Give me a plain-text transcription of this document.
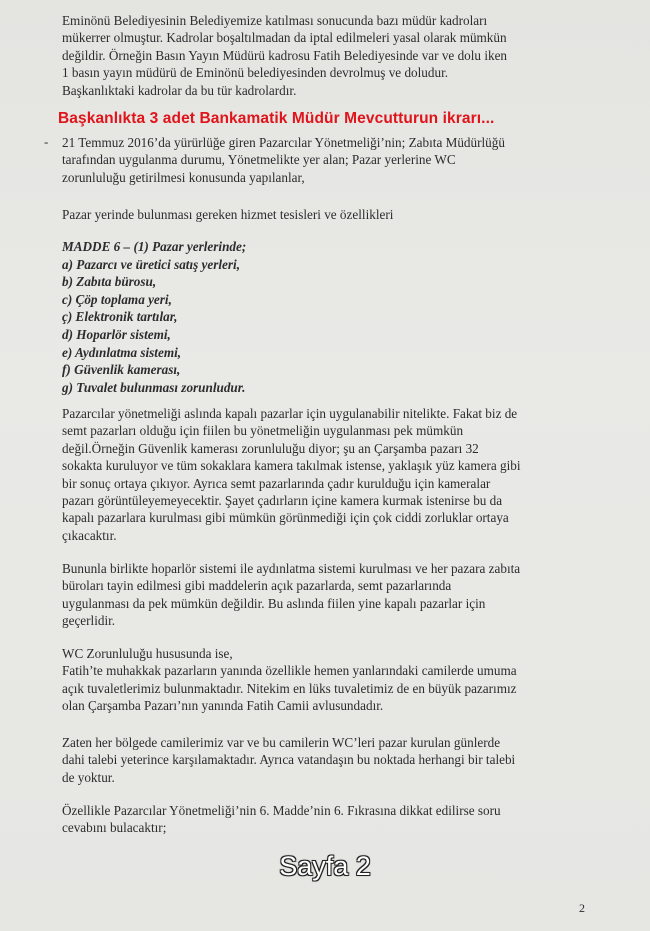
Eminönü Belediyesinin Belediyemize katılması sonucunda bazı müdür kadroları
mükerrer olmuştur. Kadrolar boşaltılmadan da iptal edilmeleri yasal olarak mümkün
değildir. Örneğin Basın Yayın Müdürü kadrosu Fatih Belediyesinde var ve dolu iken
1 basın yayın müdürü de Eminönü belediyesinden devrolmuş ve doludur.
Başkanlıktaki kadrolar da bu tür kadrolardır.
Başkanlıkta 3 adet Bankamatik Müdür Mevcutturun ikrarı...
- 21 Temmuz 2016’da yürürlüğe giren Pazarcılar Yönetmeliği’nin; Zabıta Müdürlüğü
tarafından uygulanma durumu, Yönetmelikte yer alan; Pazar yerlerine WC
zorunluluğu getirilmesi konusunda yapılanlar,
Pazar yerinde bulunması gereken hizmet tesisleri ve özellikleri
MADDE 6 – (1) Pazar yerlerinde;
a) Pazarcı ve üretici satış yerleri,
b) Zabıta bürosu,
c) Çöp toplama yeri,
ç) Elektronik tartılar,
d) Hoparlör sistemi,
e) Aydınlatma sistemi,
f) Güvenlik kamerası,
g) Tuvalet bulunması zorunludur.
Pazarcılar yönetmeliği aslında kapalı pazarlar için uygulanabilir nitelikte. Fakat biz de
semt pazarları olduğu için fiilen bu yönetmeliğin uygulanması pek mümkün
değil.Örneğin Güvenlik kamerası zorunluluğu diyor; şu an Çarşamba pazarı 32
sokakta kuruluyor ve tüm sokaklara kamera takılmak istense, yaklaşık yüz kamera gibi
bir sonuç ortaya çıkıyor. Ayrıca semt pazarlarında çadır kurulduğu için kameralar
pazarı görüntüleyemeyecektir. Şayet çadırların içine kamera kurmak istenirse bu da
kapalı pazarlara kurulması gibi mümkün görünmediği için çok ciddi zorluklar ortaya
çıkacaktır.
Bununla birlikte hoparlör sistemi ile aydınlatma sistemi kurulması ve her pazara zabıta
büroları tayin edilmesi gibi maddelerin açık pazarlarda, semt pazarlarında
uygulanması da pek mümkün değildir. Bu aslında fiilen yine kapalı pazarlar için
geçerlidir.
WC Zorunluluğu hususunda ise,
Fatih’te muhakkak pazarların yanında özellikle hemen yanlarındaki camilerde umuma
açık tuvaletlerimiz bulunmaktadır. Nitekim en lüks tuvaletimiz de en büyük pazarımız
olan Çarşamba Pazarı’nın yanında Fatih Camii avlusundadır.
Zaten her bölgede camilerimiz var ve bu camilerin WC’leri pazar kurulan günlerde
dahi talebi yeterince karşılamaktadır. Ayrıca vatandaşın bu noktada herhangi bir talebi
de yoktur.
Özellikle Pazarcılar Yönetmeliği’nin 6. Madde’nin 6. Fıkrasına dikkat edilirse soru
cevabını bulacaktır;
Sayfa 2
2
